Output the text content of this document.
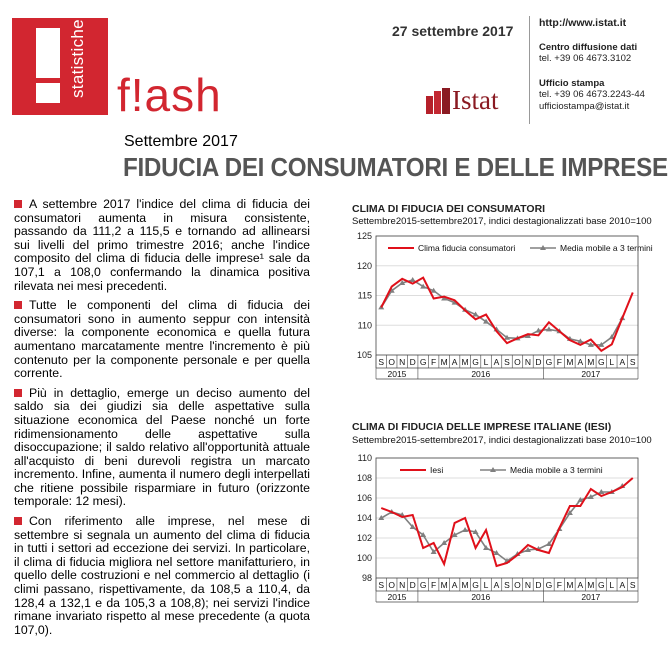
statistiche f!ash
27 settembre 2017 http://www.istat.it
Centro diffusione dati
tel. +39 06 4673.3102
Ufficio stampa
tel. +39 06 4673.2243-44
ufficiostampa@istat.it
Istat
Settembre 2017
FIDUCIA DEI CONSUMATORI E DELLE IMPRESE

A settembre 2017 l'indice del clima di fiducia dei consumatori aumenta in misura consistente, passando da 111,2 a 115,5 e tornando ad allinearsi sui livelli del primo trimestre 2016; anche l'indice composito del clima di fiducia delle imprese¹ sale da 107,1 a 108,0 confermando la dinamica positiva rilevata nei mesi precedenti.

Tutte le componenti del clima di fiducia dei consumatori sono in aumento seppur con intensità diverse: la componente economica e quella futura aumentano marcatamente mentre l'incremento è più contenuto per la componente personale e per quella corrente.

Più in dettaglio, emerge un deciso aumento del saldo sia dei giudizi sia delle aspettative sulla situazione economica del Paese nonché un forte ridimensionamento delle aspettative sulla disoccupazione; il saldo relativo all'opportunità attuale all'acquisto di beni durevoli registra un marcato incremento. Infine, aumenta il numero degli interpellati che ritiene possibile risparmiare in futuro (orizzonte temporale: 12 mesi).

Con riferimento alle imprese, nel mese di settembre si segnala un aumento del clima di fiducia in tutti i settori ad eccezione dei servizi. In particolare, il clima di fiducia migliora nel settore manifatturiero, in quello delle costruzioni e nel commercio al dettaglio (i climi passano, rispettivamente, da 108,5 a 110,4, da 128,4 a 132,1 e da 105,3 a 108,8); nei servizi l'indice rimane invariato rispetto al mese precedente (a quota 107,0).

CLIMA DI FIDUCIA DEI CONSUMATORI
Settembre2015-settembre2017, indici destagionalizzati base 2010=100
105
110
115
120
125
S O N D G F M A M G L A S O N D G F M A M G L A S
2015	2016	2017
Clima fiducia consumatori	Media mobile a 3 termini
CLIMA DI FIDUCIA DELLE IMPRESE ITALIANE (IESI)
Settembre2015-settembre2017, indici destagionalizzati base 2010=100
98
100
102
104
106
108
110
S O N D G F M A M G L A S O N D G F M A M G L A S
2015	2016	2017
Iesi	Media mobile a 3 termini
